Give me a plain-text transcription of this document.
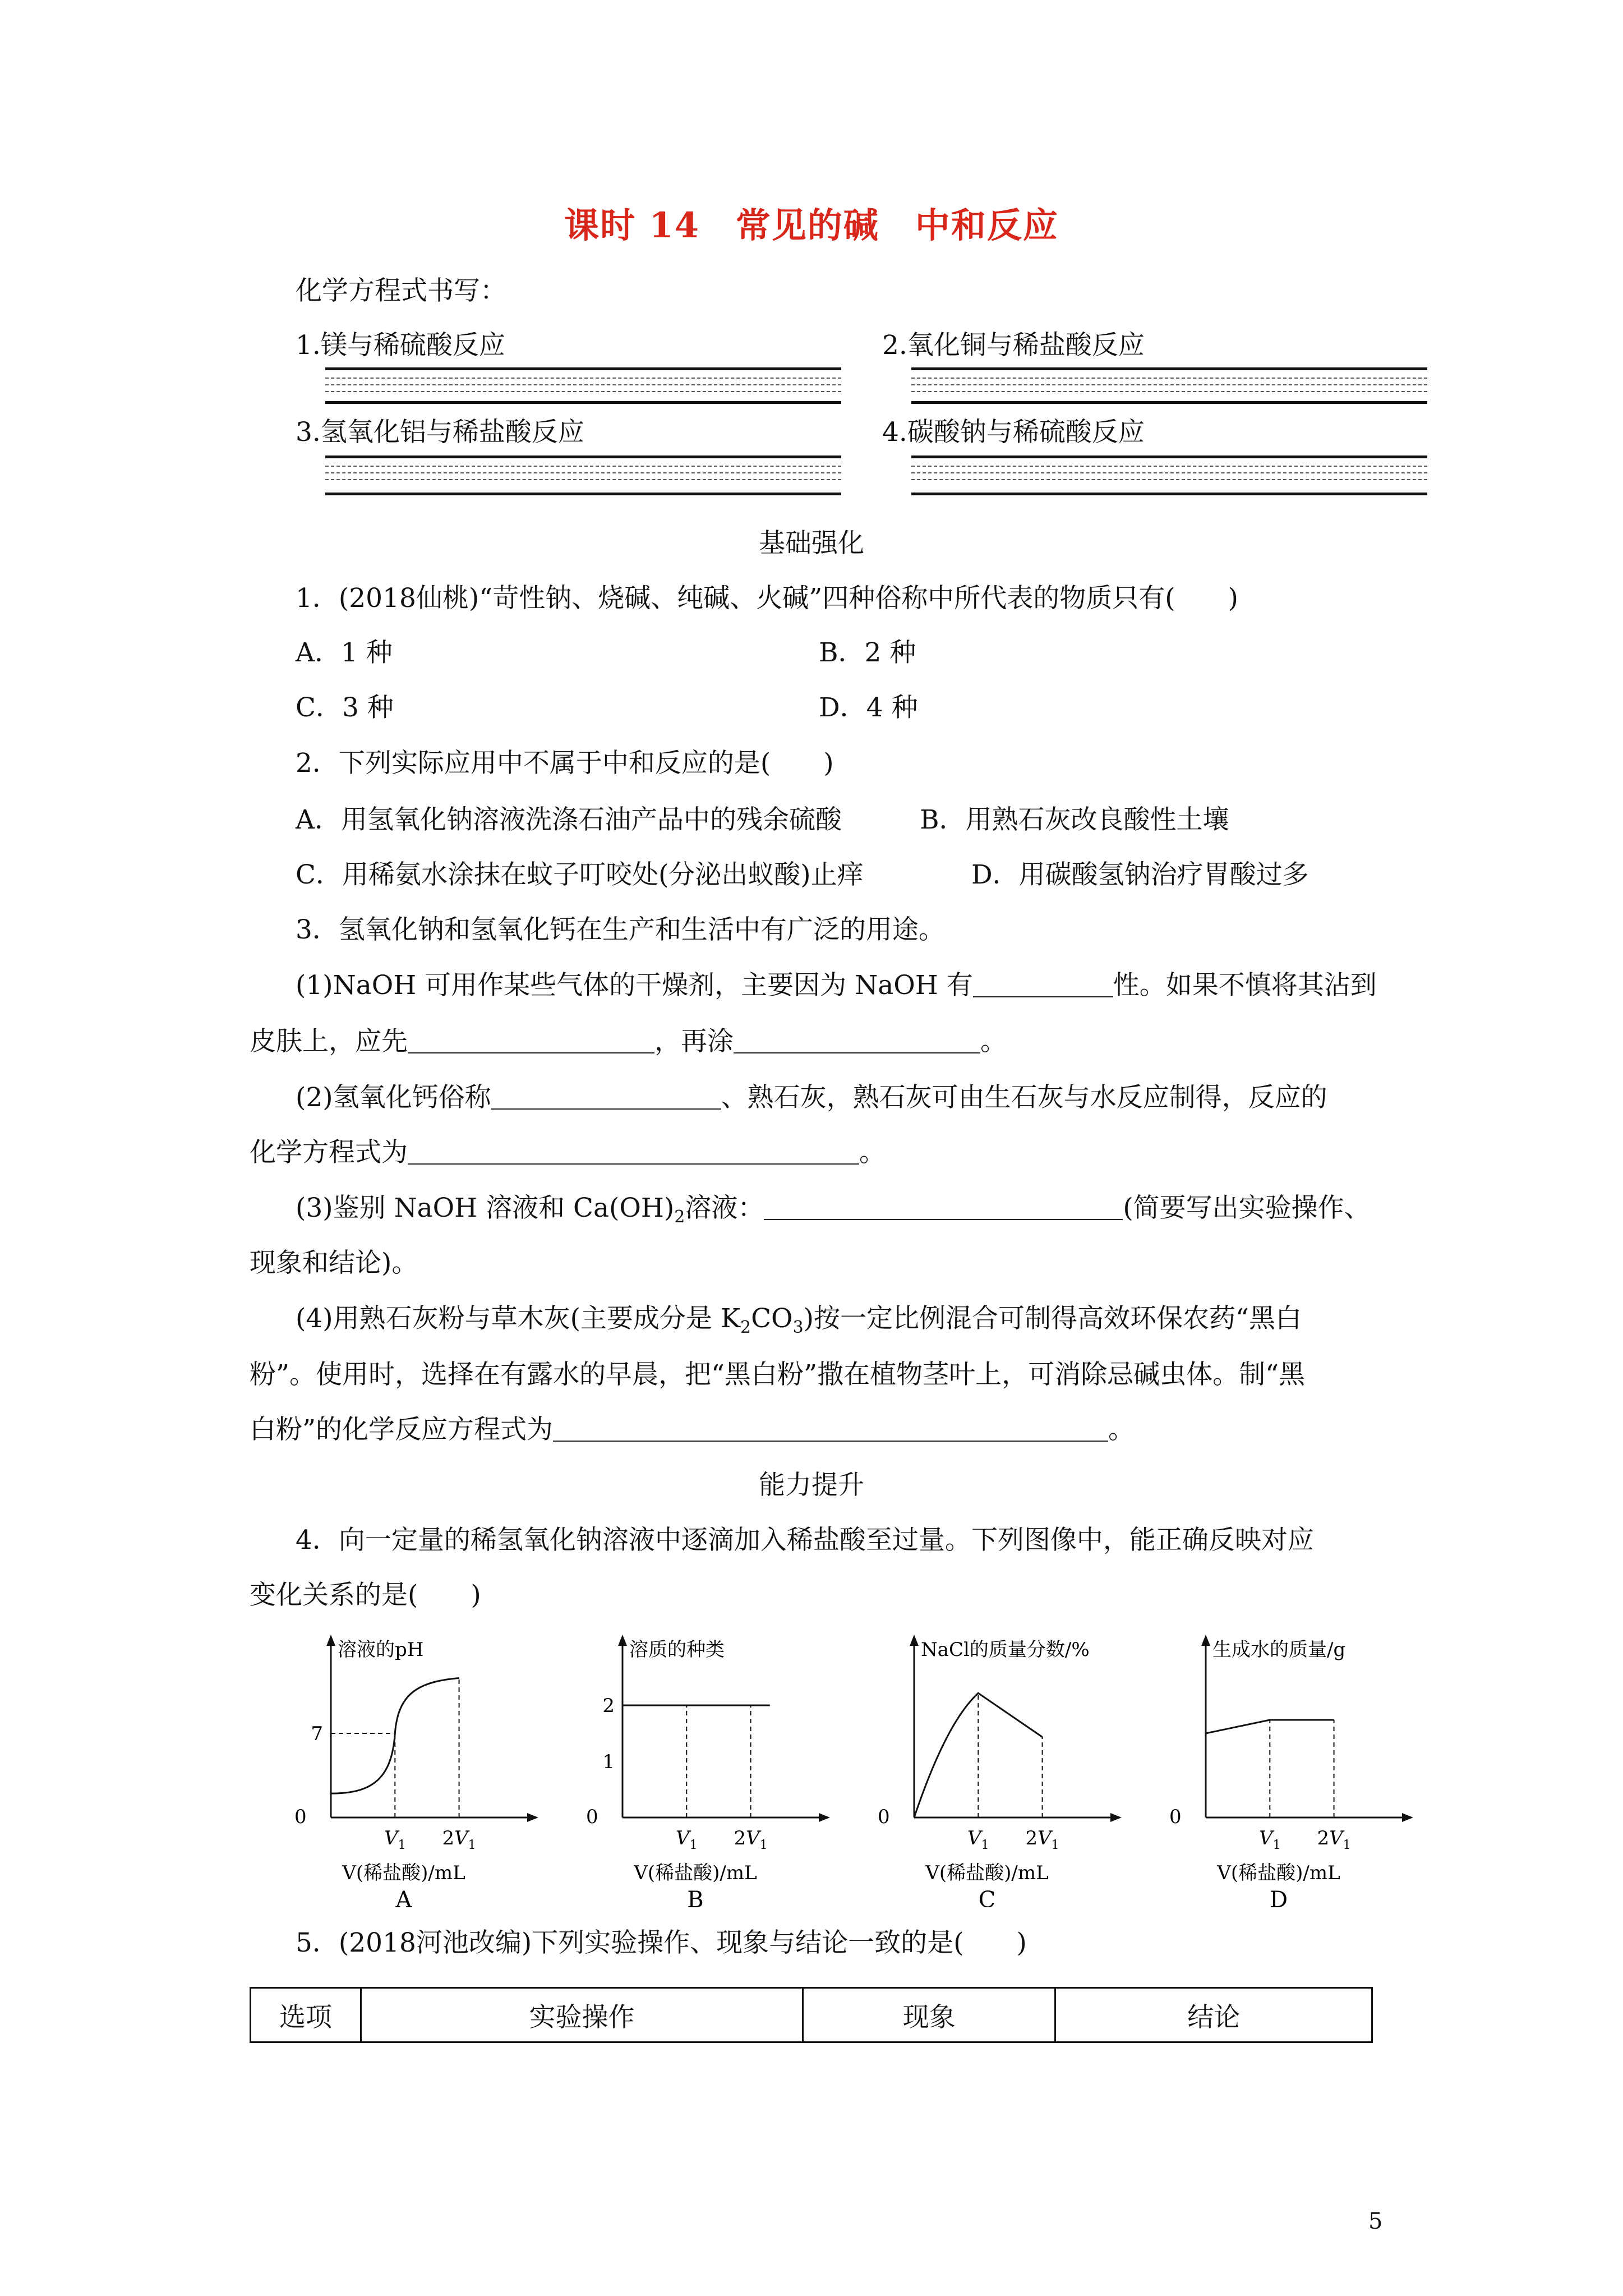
课时 14　常见的碱　中和反应
化学方程式书写：
1.镁与稀硫酸反应	2.氧化铜与稀盐酸反应
3.氢氧化铝与稀盐酸反应	4.碳酸钠与稀硫酸反应
基础强化
1．(2018仙桃)“苛性钠、烧碱、纯碱、火碱”四种俗称中所代表的物质只有(　　)
A．1 种	B．2 种
C．3 种	D．4 种
2．下列实际应用中不属于中和反应的是(　　)
A．用氢氧化钠溶液洗涤石油产品中的残余硫酸	B．用熟石灰改良酸性土壤
C．用稀氨水涂抹在蚊子叮咬处(分泌出蚁酸)止痒	D．用碳酸氢钠治疗胃酸过多
3．氢氧化钠和氢氧化钙在生产和生活中有广泛的用途。
(1)NaOH 可用作某些气体的干燥剂，主要因为 NaOH 有	性。如果不慎将其沾到
皮肤上，应先	，再涂	。
(2)氢氧化钙俗称	、熟石灰，熟石灰可由生石灰与水反应制得，反应的
化学方程式为	。
(3)鉴别 NaOH 溶液和 $Ca(OH)_2$溶液：	(简要写出实验操作、
现象和结论)。
(4)用熟石灰粉与草木灰(主要成分是 $K_2CO_3$)按一定比例混合可制得高效环保农药“黑白
粉”。使用时，选择在有露水的早晨，把“黑白粉”撒在植物茎叶上，可消除忌碱虫体。制“黑
白粉”的化学反应方程式为	。
能力提升
4．向一定量的稀氢氧化钠溶液中逐滴加入稀盐酸至过量。下列图像中，能正确反映对应
变化关系的是(　　)
溶液的pH
0
V(稀盐酸)/mL
7
$V_1$ $2V_1$
A
溶质的种类
0
V(稀盐酸)/mL
1
2
$V_1$ $2V_1$
B
NaCl的质量分数/%
0
V(稀盐酸)/mL
$V_1$ $2V_1$
C
生成水的质量/g
0
V(稀盐酸)/mL
$V_1$ $2V_1$
D
5．(2018河池改编)下列实验操作、现象与结论一致的是(　　)
选项	实验操作	现象	结论
5
